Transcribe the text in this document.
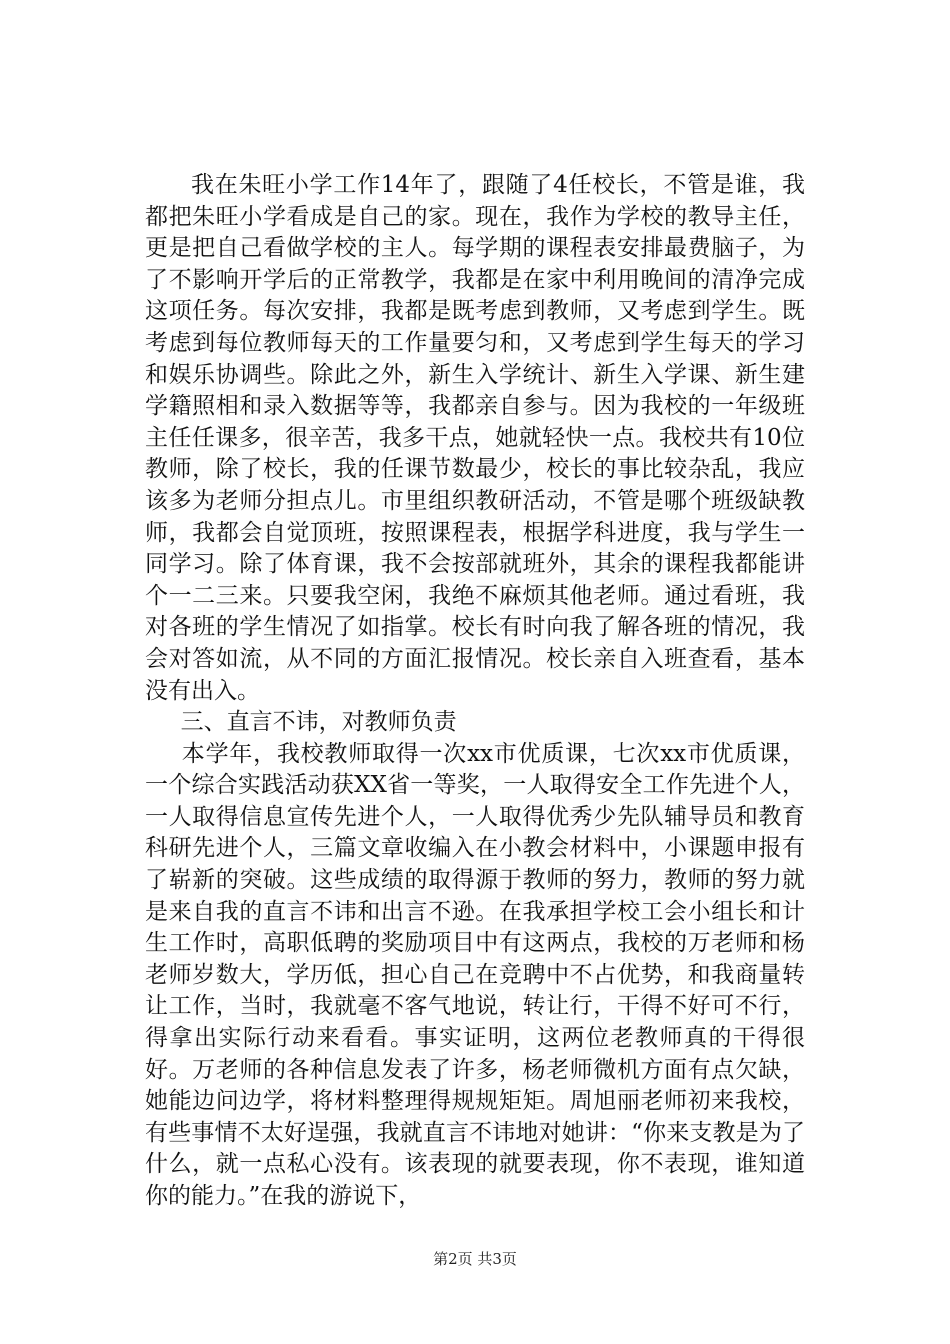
我在朱旺小学工作14年了，跟随了4任校长，不管是谁，我都把朱旺小学看成是自己的家。现在，我作为学校的教导主任，更是把自己看做学校的主人。每学期的课程表安排最费脑子，为了不影响开学后的正常教学，我都是在家中利用晚间的清净完成这项任务。每次安排，我都是既考虑到教师，又考虑到学生。既考虑到每位教师每天的工作量要匀和，又考虑到学生每天的学习和娱乐协调些。除此之外，新生入学统计、新生入学课、新生建学籍照相和录入数据等等，我都亲自参与。因为我校的一年级班主任任课多，很辛苦，我多干点，她就轻快一点。我校共有10位教师，除了校长，我的任课节数最少，校长的事比较杂乱，我应该多为老师分担点儿。市里组织教研活动，不管是哪个班级缺教师，我都会自觉顶班，按照课程表，根据学科进度，我与学生一同学习。除了体育课，我不会按部就班外，其余的课程我都能讲个一二三来。只要我空闲，我绝不麻烦其他老师。通过看班，我对各班的学生情况了如指掌。校长有时向我了解各班的情况，我会对答如流，从不同的方面汇报情况。校长亲自入班查看，基本没有出入。

三、直言不讳，对教师负责

本学年，我校教师取得一次xx市优质课，七次xx市优质课，一个综合实践活动获XX省一等奖，一人取得安全工作先进个人，一人取得信息宣传先进个人，一人取得优秀少先队辅导员和教育科研先进个人，三篇文章收编入在小教会材料中，小课题申报有了崭新的突破。这些成绩的取得源于教师的努力，教师的努力就是来自我的直言不讳和出言不逊。在我承担学校工会小组长和计生工作时，高职低聘的奖励项目中有这两点，我校的万老师和杨老师岁数大，学历低，担心自己在竞聘中不占优势，和我商量转让工作，当时，我就毫不客气地说，转让行，干得不好可不行，得拿出实际行动来看看。事实证明，这两位老教师真的干得很好。万老师的各种信息发表了许多，杨老师微机方面有点欠缺，她能边问边学，将材料整理得规规矩矩。周旭丽老师初来我校，有些事情不太好逞强，我就直言不讳地对她讲：“你来支教是为了什么，就一点私心没有。该表现的就要表现，你不表现，谁知道你的能力。”在我的游说下，

第2页 共3页
